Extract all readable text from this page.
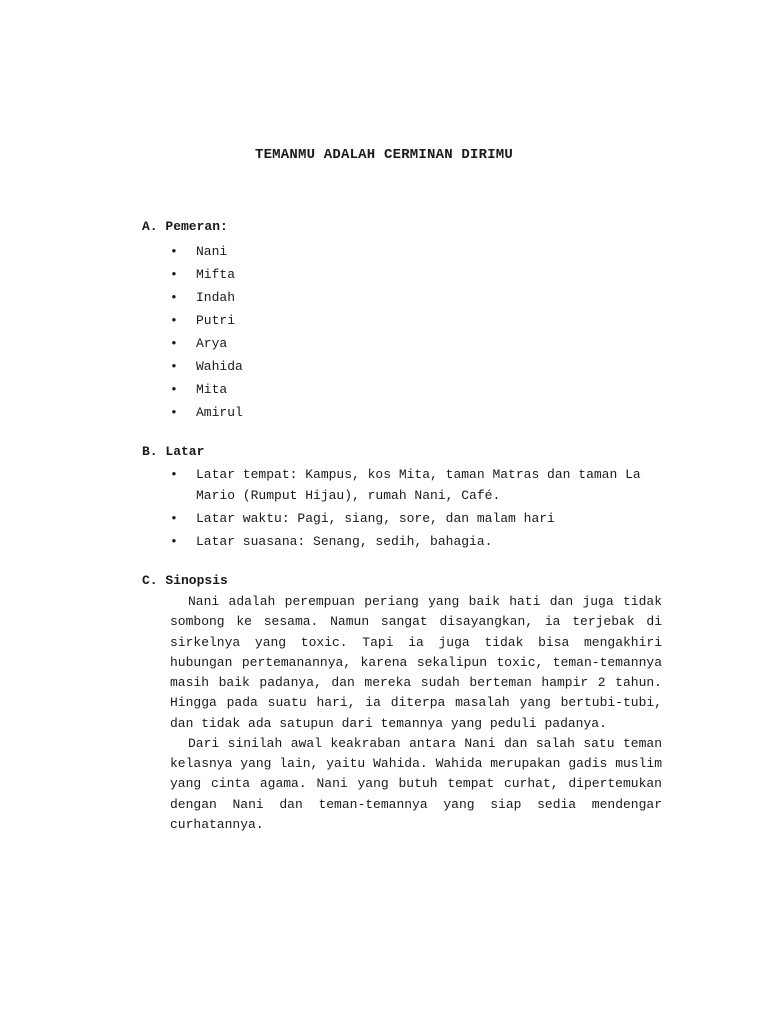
TEMANMU ADALAH CERMINAN DIRIMU
A. Pemeran:
• Nani
• Mifta
• Indah
• Putri
• Arya
• Wahida
• Mita
• Amirul
B. Latar
• Latar tempat: Kampus, kos Mita, taman Matras dan taman La Mario (Rumput Hijau), rumah Nani, Café.
• Latar waktu: Pagi, siang, sore, dan malam hari
• Latar suasana: Senang, sedih, bahagia.
C. Sinopsis

Nani adalah perempuan periang yang baik hati dan juga tidak sombong ke sesama. Namun sangat disayangkan, ia terjebak di sirkelnya yang toxic. Tapi ia juga tidak bisa mengakhiri hubungan pertemanannya, karena sekalipun toxic, teman-temannya masih baik padanya, dan mereka sudah berteman hampir 2 tahun. Hingga pada suatu hari, ia diterpa masalah yang bertubi-tubi, dan tidak ada satupun dari temannya yang peduli padanya.

Dari sinilah awal keakraban antara Nani dan salah satu teman kelasnya yang lain, yaitu Wahida. Wahida merupakan gadis muslim yang cinta agama. Nani yang butuh tempat curhat, dipertemukan dengan Nani dan teman-temannya yang siap sedia mendengar curhatannya.
